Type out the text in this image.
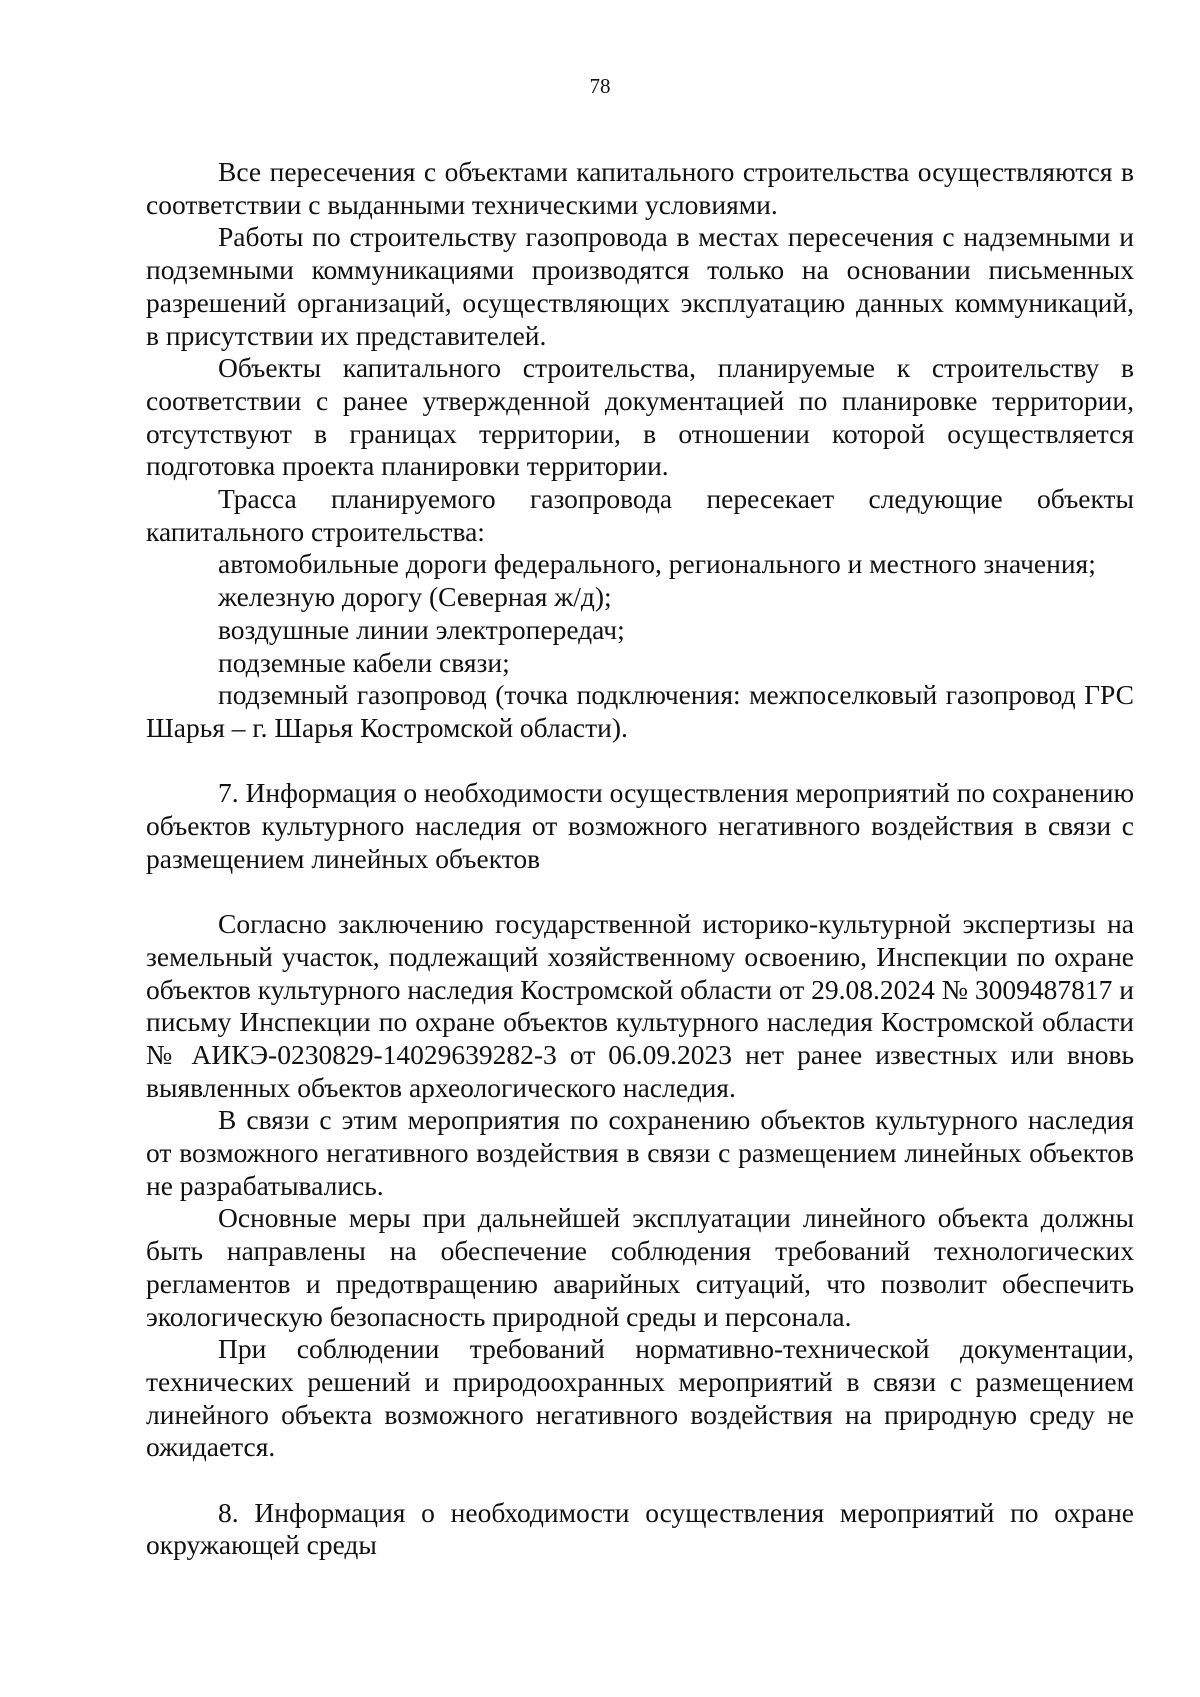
78

Все пересечения с объектами капитального строительства осуществляются в соответствии с выданными техническими условиями.

Работы по строительству газопровода в местах пересечения с надземными и подземными коммуникациями производятся только на основании письменных разрешений организаций, осуществляющих эксплуатацию данных коммуникаций, в присутствии их представителей.

Объекты капитального строительства, планируемые к строительству в соответствии с ранее утвержденной документацией по планировке территории, отсутствуют в границах территории, в отношении которой осуществляется подготовка проекта планировки территории.

Трасса планируемого газопровода пересекает следующие объекты капитального строительства:

автомобильные дороги федерального, регионального и местного значения;

железную дорогу (Северная ж/д);

воздушные линии электропередач;

подземные кабели связи;

подземный газопровод (точка подключения: межпоселковый газопровод ГРС Шарья – г. Шарья Костромской области).

7. Информация о необходимости осуществления мероприятий по сохранению объектов культурного наследия от возможного негативного воздействия в связи с размещением линейных объектов

Согласно заключению государственной историко-культурной экспертизы на земельный участок, подлежащий хозяйственному освоению, Инспекции по охране объектов культурного наследия Костромской области от 29.08.2024 № 3009487817 и письму Инспекции по охране объектов культурного наследия Костромской области № АИКЭ-0230829-14029639282-3 от 06.09.2023 нет ранее известных или вновь выявленных объектов археологического наследия.

В связи с этим мероприятия по сохранению объектов культурного наследия от возможного негативного воздействия в связи с размещением линейных объектов не разрабатывались.

Основные меры при дальнейшей эксплуатации линейного объекта должны быть направлены на обеспечение соблюдения требований технологических регламентов и предотвращению аварийных ситуаций, что позволит обеспечить экологическую безопасность природной среды и персонала.

При соблюдении требований нормативно-технической документации, технических решений и природоохранных мероприятий в связи с размещением линейного объекта возможного негативного воздействия на природную среду не ожидается.

8. Информация о необходимости осуществления мероприятий по охране окружающей среды
